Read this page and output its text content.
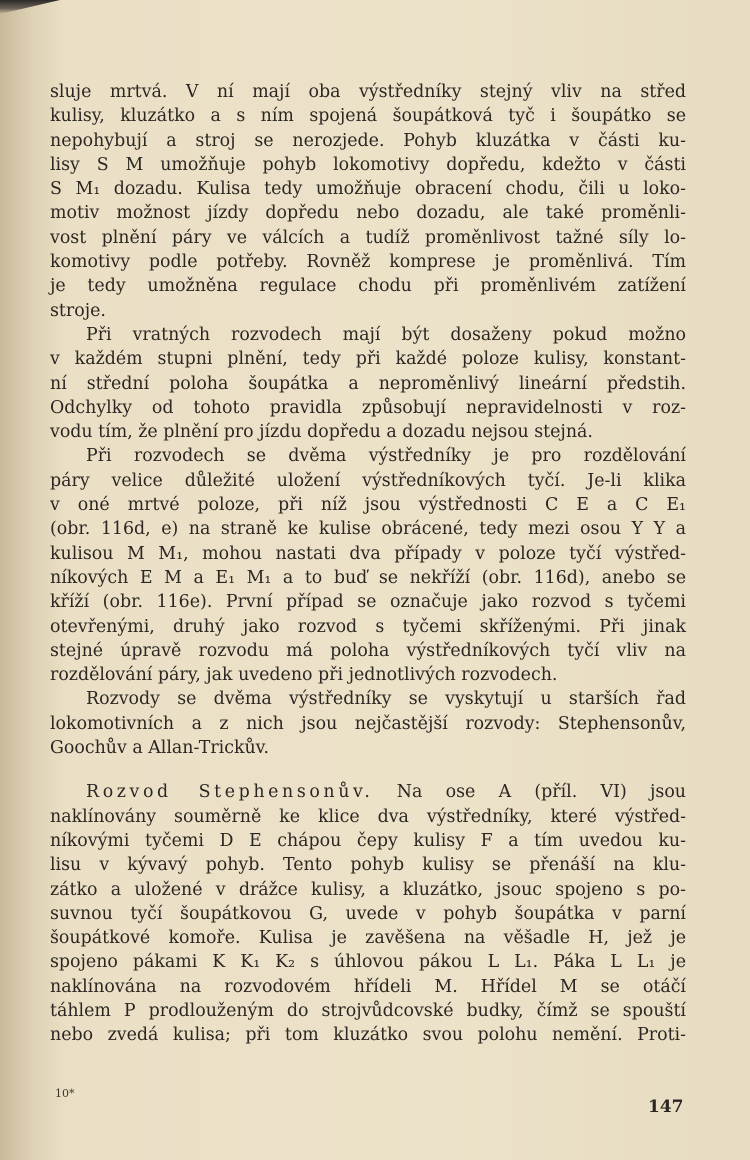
sluje mrtvá. V ní mají oba výstředníky stejný vliv na střed
kulisy, kluzátko a s ním spojená šoupátková tyč i šoupátko se
nepohybují a stroj se nerozjede. Pohyb kluzátka v části ku-
lisy S M umožňuje pohyb lokomotivy dopředu, kdežto v části
S M₁ dozadu. Kulisa tedy umožňuje obracení chodu, čili u loko-
motiv možnost jízdy dopředu nebo dozadu, ale také proměnli-
vost plnění páry ve válcích a tudíž proměnlivost tažné síly lo-
komotivy podle potřeby. Rovněž komprese je proměnlivá. Tím
je tedy umožněna regulace chodu při proměnlivém zatížení
stroje.
Při vratných rozvodech mají být dosaženy pokud možno
v každém stupni plnění, tedy při každé poloze kulisy, konstant-
ní střední poloha šoupátka a neproměnlivý lineární předstih.
Odchylky od tohoto pravidla způsobují nepravidelnosti v roz-
vodu tím, že plnění pro jízdu dopředu a dozadu nejsou stejná.
Při rozvodech se dvěma výstředníky je pro rozdělování
páry velice důležité uložení výstředníkových tyčí. Je-li klika
v oné mrtvé poloze, při níž jsou výstřednosti C E a C E₁
(obr. 116d, e) na straně ke kulise obrácené, tedy mezi osou Y Y a
kulisou M M₁, mohou nastati dva případy v poloze tyčí výstřed-
níkových E M a E₁ M₁ a to buď se nekříží (obr. 116d), anebo se
kříží (obr. 116e). První případ se označuje jako rozvod s tyčemi
otevřenými, druhý jako rozvod s tyčemi skříženými. Při jinak
stejné úpravě rozvodu má poloha výstředníkových tyčí vliv na
rozdělování páry, jak uvedeno při jednotlivých rozvodech.
Rozvody se dvěma výstředníky se vyskytují u starších řad
lokomotivních a z nich jsou nejčastější rozvody: Stephensonův,
Goochův a Allan-Trickův.
Rozvod Stephensonův. Na ose A (příl. VI) jsou
naklínovány souměrně ke klice dva výstředníky, které výstřed-
níkovými tyčemi D E chápou čepy kulisy F a tím uvedou ku-
lisu v kývavý pohyb. Tento pohyb kulisy se přenáší na klu-
zátko a uložené v drážce kulisy, a kluzátko, jsouc spojeno s po-
suvnou tyčí šoupátkovou G, uvede v pohyb šoupátka v parní
šoupátkové komoře. Kulisa je zavěšena na věšadle H, jež je
spojeno pákami K K₁ K₂ s úhlovou pákou L L₁. Páka L L₁ je
naklínována na rozvodovém hřídeli M. Hřídel M se otáčí
táhlem P prodlouženým do strojvůdcovské budky, čímž se spouští
nebo zvedá kulisa; při tom kluzátko svou polohu nemění. Proti-
10*
147
